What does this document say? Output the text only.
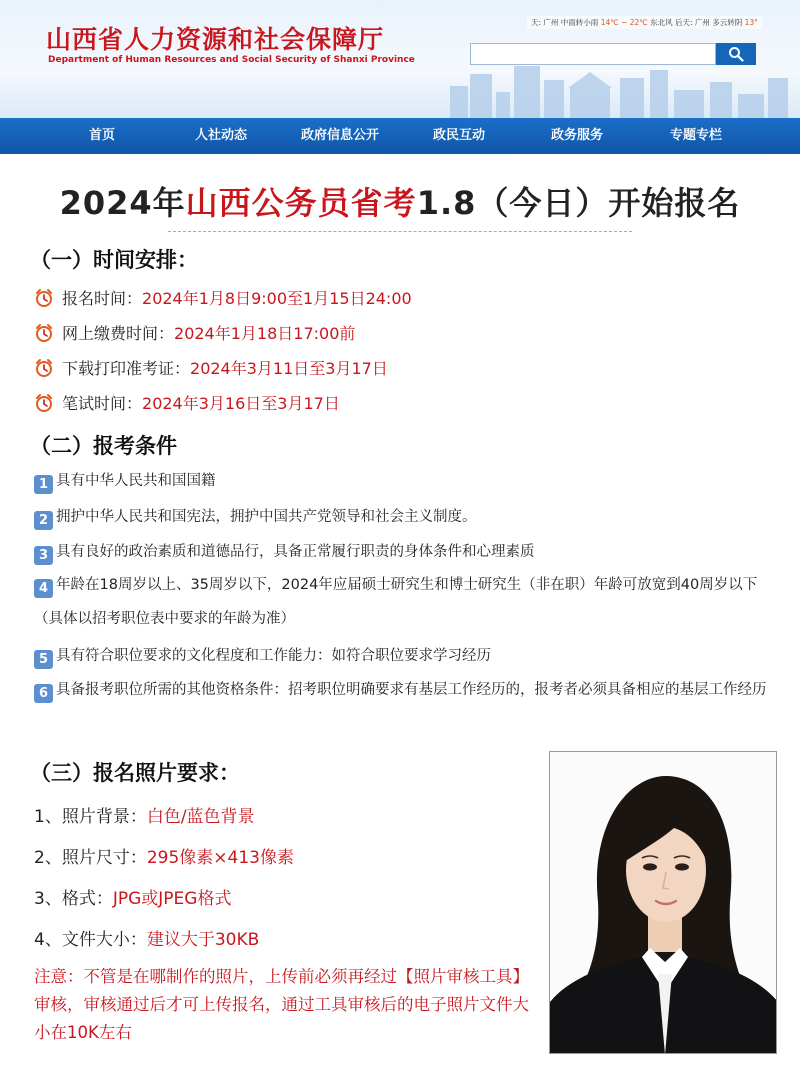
山西省人力资源和社会保障厅
Department of Human Resources and Social Security of Shanxi Province
天: 广州 中雨转小雨 14℃ ~ 22℃ 东北风 后天: 广州 多云转阴 13°
首页	人社动态	政府信息公开	政民互动	政务服务	专题专栏
2024年山西公务员省考1.8（今日）开始报名
（一）时间安排：
报名时间： 2024年1月8日9:00至1月15日24:00
网上缴费时间： 2024年1月18日17:00前
下载打印准考证： 2024年3月11日至3月17日
笔试时间： 2024年3月16日至3月17日
（二）报考条件
1 具有中华人民共和国国籍
2 拥护中华人民共和国宪法，拥护中国共产党领导和社会主义制度。
3 具有良好的政治素质和道德品行，具备正常履行职责的身体条件和心理素质
4 年龄在18周岁以上、35周岁以下，2024年应届硕士研究生和博士研究生（非在职）年龄可放宽到40周岁以下（具体以招考职位表中要求的年龄为准）
5 具有符合职位要求的文化程度和工作能力：如符合职位要求学习经历
6 具备报考职位所需的其他资格条件：招考职位明确要求有基层工作经历的，报考者必须具备相应的基层工作经历
（三）报名照片要求：
1、照片背景：白色/蓝色背景
2、照片尺寸：295像素×413像素
3、格式：JPG或JPEG格式
4、文件大小：建议大于30KB
注意：不管是在哪制作的照片，上传前必须再经过【照片审核工具】审核，审核通过后才可上传报名，通过工具审核后的电子照片文件大小在10K左右
